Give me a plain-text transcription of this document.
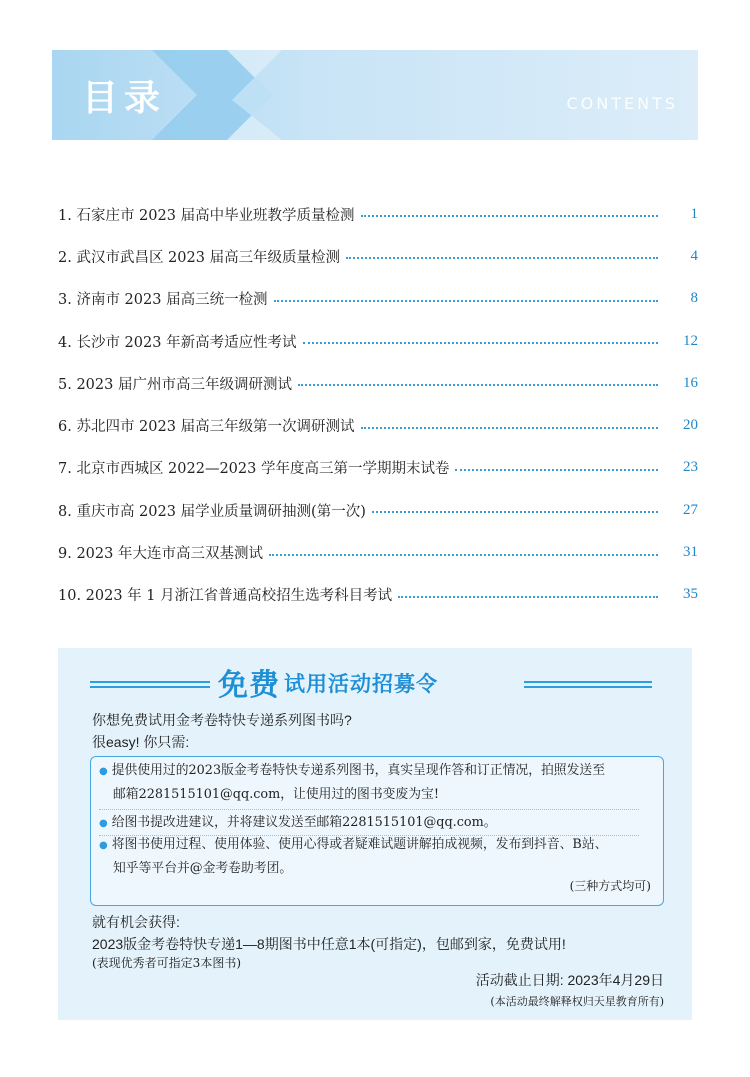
目录	CONTENTS
1. 石家庄市 2023 届高中毕业班教学质量检测	1
2. 武汉市武昌区 2023 届高三年级质量检测	4
3. 济南市 2023 届高三统一检测	8
4. 长沙市 2023 年新高考适应性考试	12
5. 2023 届广州市高三年级调研测试	16
6. 苏北四市 2023 届高三年级第一次调研测试	20
7. 北京市西城区 2022—2023 学年度高三第一学期期末试卷	23
8. 重庆市高 2023 届学业质量调研抽测(第一次)	27
9. 2023 年大连市高三双基测试	31
10. 2023 年 1 月浙江省普通高校招生选考科目考试	35
免费 试用活动招募令
你想免费试用金考卷特快专递系列图书吗?
很easy! 你只需:
● 提供使用过的2023版金考卷特快专递系列图书，真实呈现作答和订正情况，拍照发送至
邮箱2281515101@qq.com，让使用过的图书变废为宝!
● 给图书提改进建议，并将建议发送至邮箱2281515101@qq.com。
● 将图书使用过程、使用体验、使用心得或者疑难试题讲解拍成视频，发布到抖音、B站、
知乎等平台并@金考卷助考团。
(三种方式均可)
就有机会获得:
2023版金考卷特快专递1—8期图书中任意1本(可指定)，包邮到家，免费试用!
(表现优秀者可指定3本图书)
活动截止日期: 2023年4月29日
(本活动最终解释权归天星教育所有)
